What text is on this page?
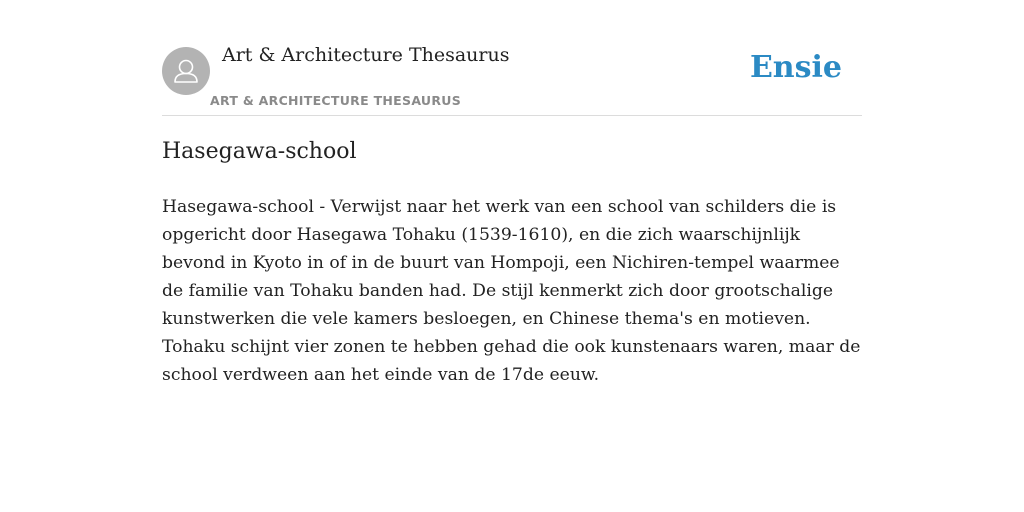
Art & Architecture Thesaurus
ART & ARCHITECTURE THESAURUS
Ensie
Hasegawa-school

Hasegawa-school - Verwijst naar het werk van een school van schilders die is opgericht door Hasegawa Tohaku (1539-1610), en die zich waarschijnlijk bevond in Kyoto in of in de buurt van Hompoji, een Nichiren-tempel waarmee de familie van Tohaku banden had. De stijl kenmerkt zich door grootschalige kunstwerken die vele kamers besloegen, en Chinese thema's en motieven. Tohaku schijnt vier zonen te hebben gehad die ook kunstenaars waren, maar de school verdween aan het einde van de 17de eeuw.
